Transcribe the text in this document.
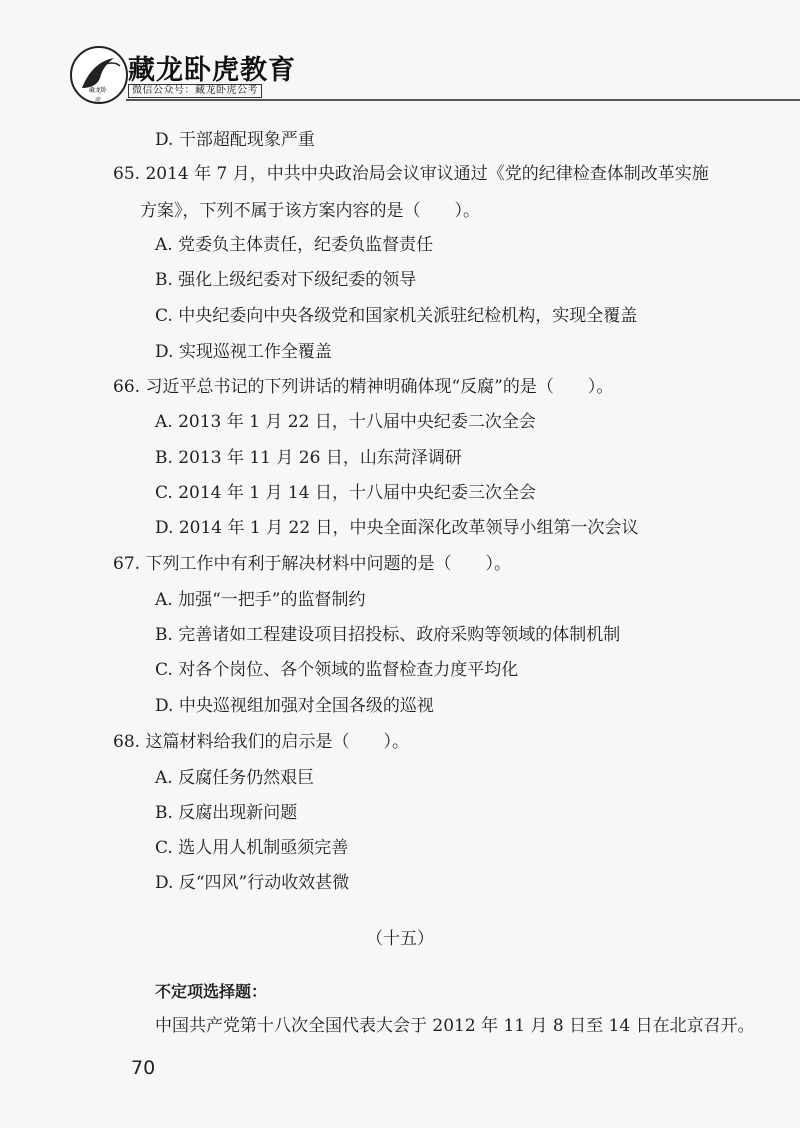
藏龙卧虎
藏龙卧虎教育
微信公众号：藏龙卧虎公考
D. 干部超配现象严重
65. 2014 年 7 月，中共中央政治局会议审议通过《党的纪律检查体制改革实施
方案》，下列不属于该方案内容的是（　　）。
A. 党委负主体责任，纪委负监督责任
B. 强化上级纪委对下级纪委的领导
C. 中央纪委向中央各级党和国家机关派驻纪检机构，实现全覆盖
D. 实现巡视工作全覆盖
66. 习近平总书记的下列讲话的精神明确体现“反腐”的是（　　）。
A. 2013 年 1 月 22 日，十八届中央纪委二次全会
B. 2013 年 11 月 26 日，山东菏泽调研
C. 2014 年 1 月 14 日，十八届中央纪委三次全会
D. 2014 年 1 月 22 日，中央全面深化改革领导小组第一次会议
67. 下列工作中有利于解决材料中问题的是（　　）。
A. 加强“一把手”的监督制约
B. 完善诸如工程建设项目招投标、政府采购等领域的体制机制
C. 对各个岗位、各个领域的监督检查力度平均化
D. 中央巡视组加强对全国各级的巡视
68. 这篇材料给我们的启示是（　　）。
A. 反腐任务仍然艰巨
B. 反腐出现新问题
C. 选人用人机制亟须完善
D. 反“四风”行动收效甚微
（十五）
不定项选择题：
中国共产党第十八次全国代表大会于 2012 年 11 月 8 日至 14 日在北京召开。
70
